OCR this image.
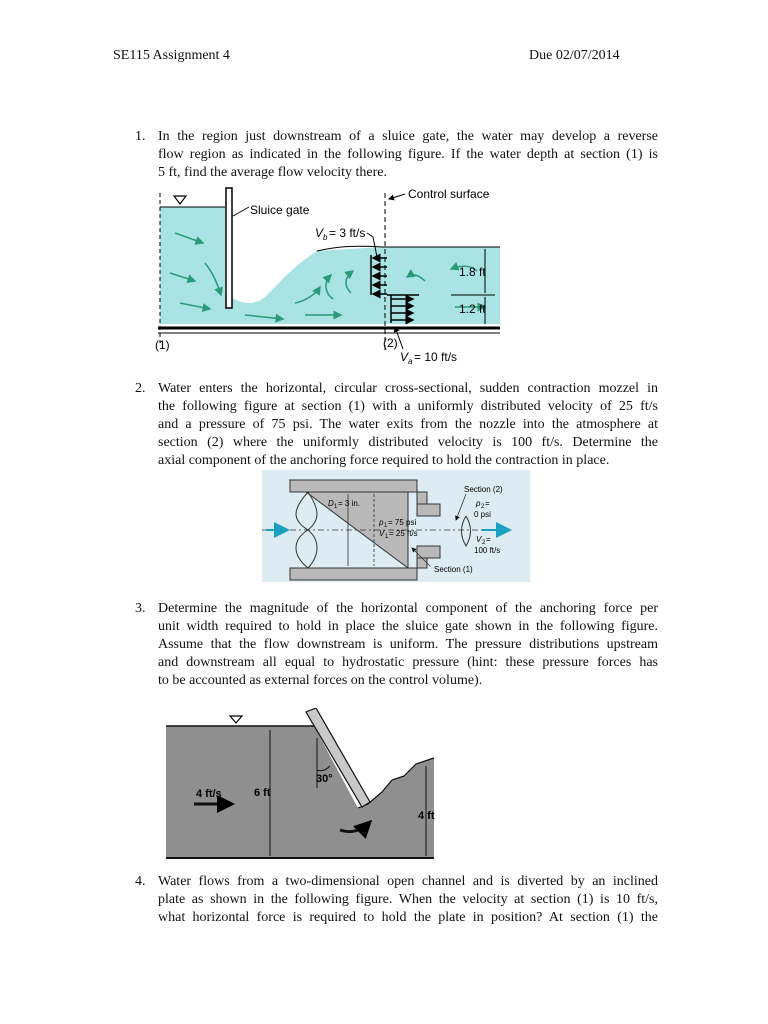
SE115 Assignment 4	Due 02/07/2014
1. In the region just downstream of a sluice gate, the water may develop a reverse
flow region as indicated in the following figure. If the water depth at section (1) is
5 ft, find the average flow velocity there.
Sluice gate
Control surface
V b = 3 ft/s
1.8 ft
1.2 ft
(1)	(2)
V a = 10 ft/s
2. Water enters the horizontal, circular cross-sectional, sudden contraction mozzel in
the following figure at section (1) with a uniformly distributed velocity of 25 ft/s
and a pressure of 75 psi. The water exits from the nozzle into the atmosphere at
section (2) where the uniformly distributed velocity is 100 ft/s. Determine the
axial component of the anchoring force required to hold the contraction in place.
D 1 = 3 in.
p 1 = 75 psi
V 1 = 25 ft/s
Section (2)
p 2 =
0 psi
V 2 =
100 ft/s
Section (1)
3. Determine the magnitude of the horizontal component of the anchoring force per
unit width required to hold in place the sluice gate shown in the following figure.
Assume that the flow downstream is uniform. The pressure distributions upstream
and downstream all equal to hydrostatic pressure (hint: these pressure forces has
to be accounted as external forces on the control volume).
30°
6 ft
4 ft/s
4 ft
4. Water flows from a two-dimensional open channel and is diverted by an inclined
plate as shown in the following figure. When the velocity at section (1) is 10 ft/s,
what horizontal force is required to hold the plate in position? At section (1) the
